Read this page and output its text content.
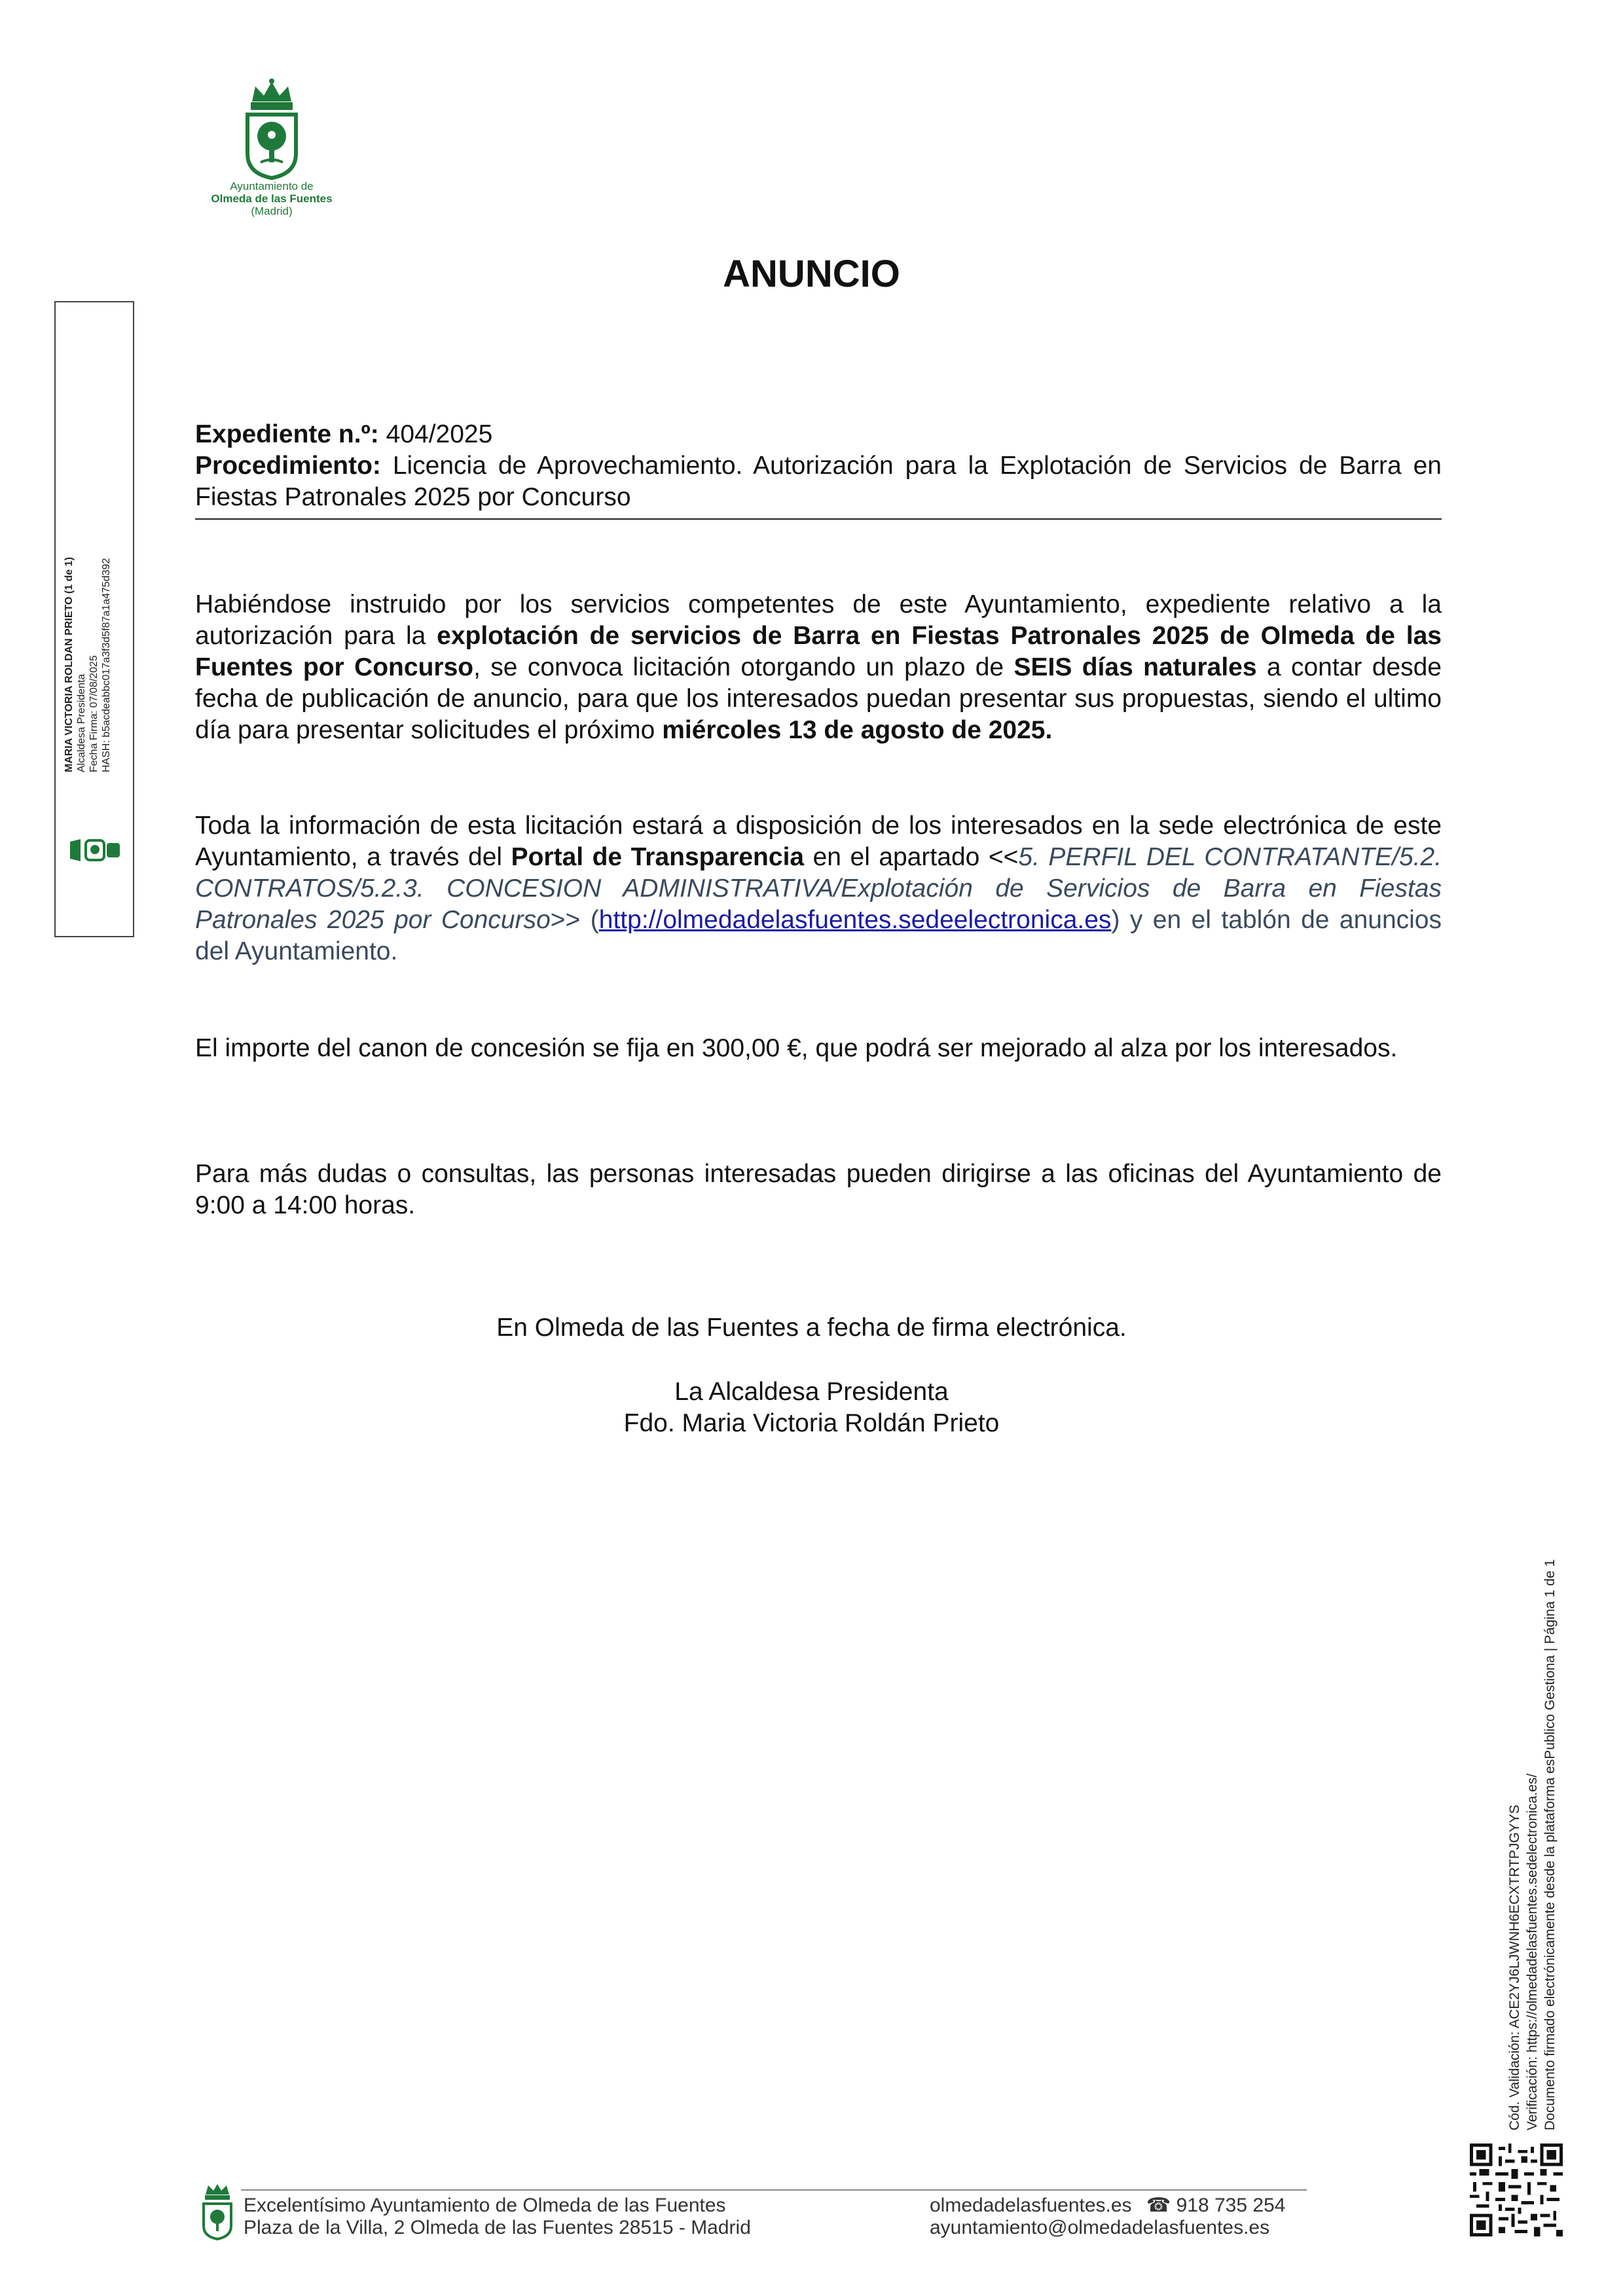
Ayuntamiento de
Olmeda de las Fuentes
(Madrid)
ANUNCIO
Expediente n.º: 404/2025
Procedimiento: Licencia de Aprovechamiento. Autorización para la Explotación de Servicios de Barra en Fiestas Patronales 2025 por Concurso
Habiéndose instruido por los servicios competentes de este Ayuntamiento, expediente relativo a la autorización para la explotación de servicios de Barra en Fiestas Patronales 2025 de Olmeda de las Fuentes por Concurso, se convoca licitación otorgando un plazo de SEIS días naturales a contar desde fecha de publicación de anuncio, para que los interesados puedan presentar sus propuestas, siendo el ultimo día para presentar solicitudes el próximo miércoles 13 de agosto de 2025.
Toda la información de esta licitación estará a disposición de los interesados en la sede electrónica de este Ayuntamiento, a través del Portal de Transparencia en el apartado <<5. PERFIL DEL CONTRATANTE/5.2. CONTRATOS/5.2.3. CONCESION ADMINISTRATIVA/Explotación de Servicios de Barra en Fiestas Patronales 2025 por Concurso>> (http://olmedadelasfuentes.sedeelectronica.es) y en el tablón de anuncios del Ayuntamiento.
El importe del canon de concesión se fija en 300,00 €, que podrá ser mejorado al alza por los interesados.
Para más dudas o consultas, las personas interesadas pueden dirigirse a las oficinas del Ayuntamiento de 9:00 a 14:00 horas.
En Olmeda de las Fuentes a fecha de firma electrónica.
La Alcaldesa Presidenta
Fdo. Maria Victoria Roldán Prieto
MARIA VICTORIA ROLDAN PRIETO (1 de 1) Alcaldesa Presidenta Fecha Firma: 07/08/2025 HASH: b5acdeabbc017a3f3d5f87a1a475d392
Cód. Validación: ACE2YJ6LJWNH6ECXTRTPJGYYS Verificación: https://olmedadelasfuentes.sedelectronica.es/ Documento firmado electrónicamente desde la plataforma esPublico Gestiona | Página 1 de 1
Excelentísimo Ayuntamiento de Olmeda de las Fuentes
Plaza de la Villa, 2 Olmeda de las Fuentes 28515 - Madrid
olmedadelasfuentes.es ☎ 918 735 254
ayuntamiento@olmedadelasfuentes.es
